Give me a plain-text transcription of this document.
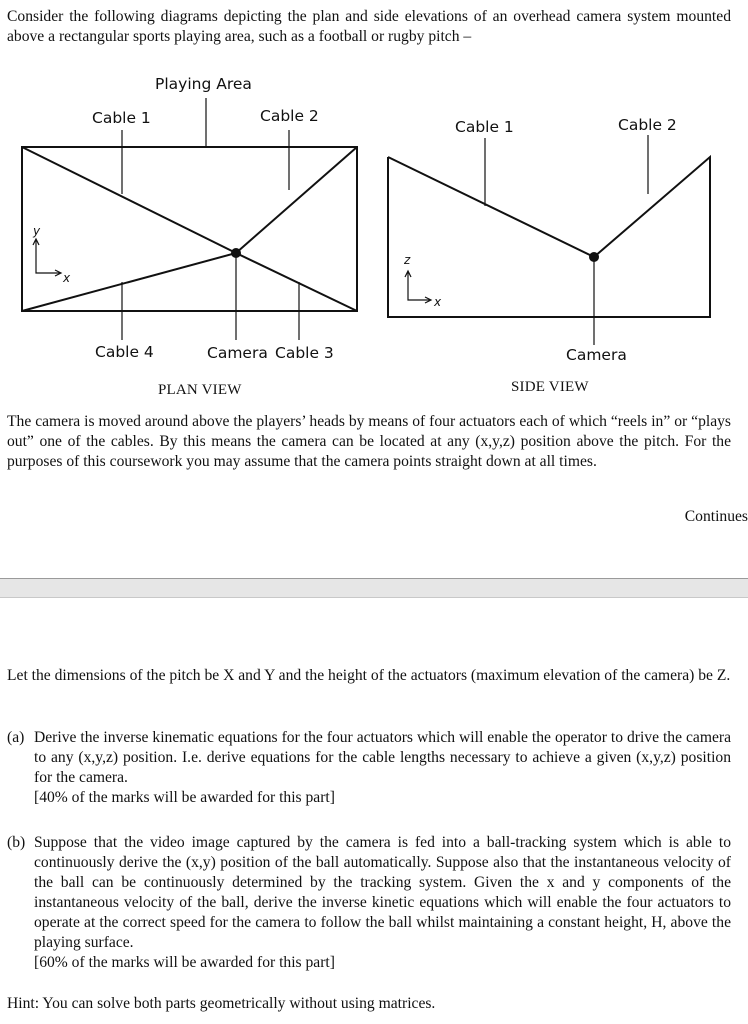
Consider the following diagrams depicting the plan and side elevations of an overhead camera system mounted above a rectangular sports playing area, such as a football or rugby pitch –
Playing Area
Cable 1	Cable 2
Cable 4	Camera Cable 3
y
x
PLAN VIEW
Cable 1	Cable 2
Camera
z
x
SIDE VIEW
The camera is moved around above the players’ heads by means of four actuators each of which “reels in” or “plays out” one of the cables. By this means the camera can be located at any (x,y,z) position above the pitch. For the purposes of this coursework you may assume that the camera points straight down at all times.
Continues
Let the dimensions of the pitch be X and Y and the height of the actuators (maximum elevation of the camera) be Z.
(a) Derive the inverse kinematic equations for the four actuators which will enable the operator to drive the camera to any (x,y,z) position. I.e. derive equations for the cable lengths necessary to achieve a given (x,y,z) position for the camera.
[40% of the marks will be awarded for this part]
(b) Suppose that the video image captured by the camera is fed into a ball-tracking system which is able to continuously derive the (x,y) position of the ball automatically. Suppose also that the instantaneous velocity of the ball can be continuously determined by the tracking system. Given the x and y components of the instantaneous velocity of the ball, derive the inverse kinetic equations which will enable the four actuators to operate at the correct speed for the camera to follow the ball whilst maintaining a constant height, H, above the playing surface.
[60% of the marks will be awarded for this part]
Hint: You can solve both parts geometrically without using matrices.
